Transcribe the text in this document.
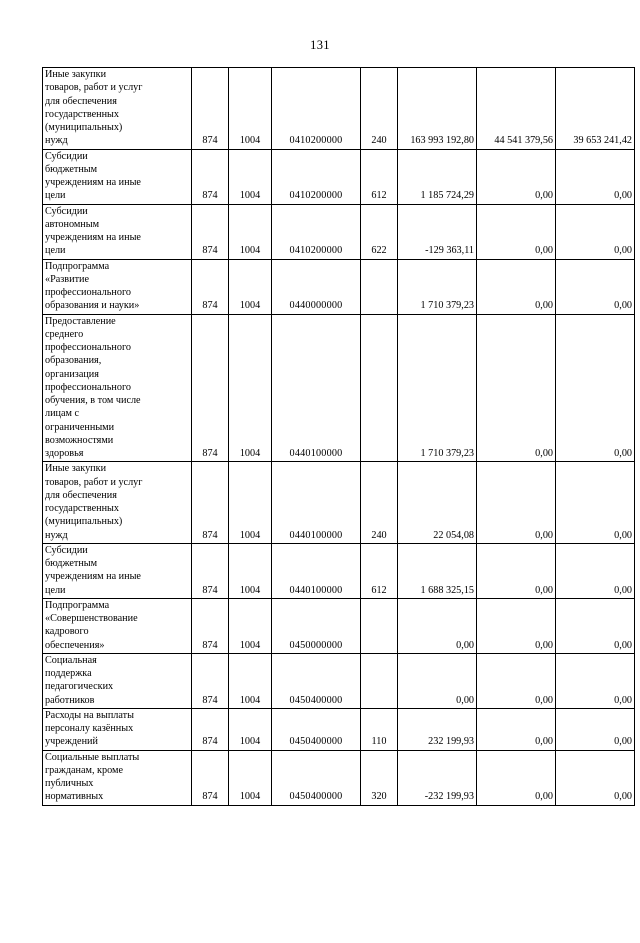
131
Иные закупки
товаров, работ и услуг
для обеспечения
государственных
(муниципальных)
нужд	874	1004	0410200000	240	163 993 192,80	44 541 379,56	39 653 241,42

Субсидии
бюджетным
учреждениям на иные
цели	874	1004	0410200000	612	1 185 724,29	0,00	0,00

Субсидии
автономным
учреждениям на иные
цели	874	1004	0410200000	622	-129 363,11	0,00	0,00

Подпрограмма
«Развитие
профессионального
образования и науки»	874	1004	0440000000		1 710 379,23	0,00	0,00

Предоставление
среднего
профессионального
образования,
организация
профессионального
обучения, в том числе
лицам с
ограниченными
возможностями
здоровья	874	1004	0440100000		1 710 379,23	0,00	0,00

Иные закупки
товаров, работ и услуг
для обеспечения
государственных
(муниципальных)
нужд	874	1004	0440100000	240	22 054,08	0,00	0,00

Субсидии
бюджетным
учреждениям на иные
цели	874	1004	0440100000	612	1 688 325,15	0,00	0,00

Подпрограмма
«Совершенствование
кадрового
обеспечения»	874	1004	0450000000		0,00	0,00	0,00

Социальная
поддержка
педагогических
работников	874	1004	0450400000		0,00	0,00	0,00

Расходы на выплаты
персоналу казённых
учреждений	874	1004	0450400000	110	232 199,93	0,00	0,00

Социальные выплаты
гражданам, кроме
публичных
нормативных	874	1004	0450400000	320	-232 199,93	0,00	0,00
